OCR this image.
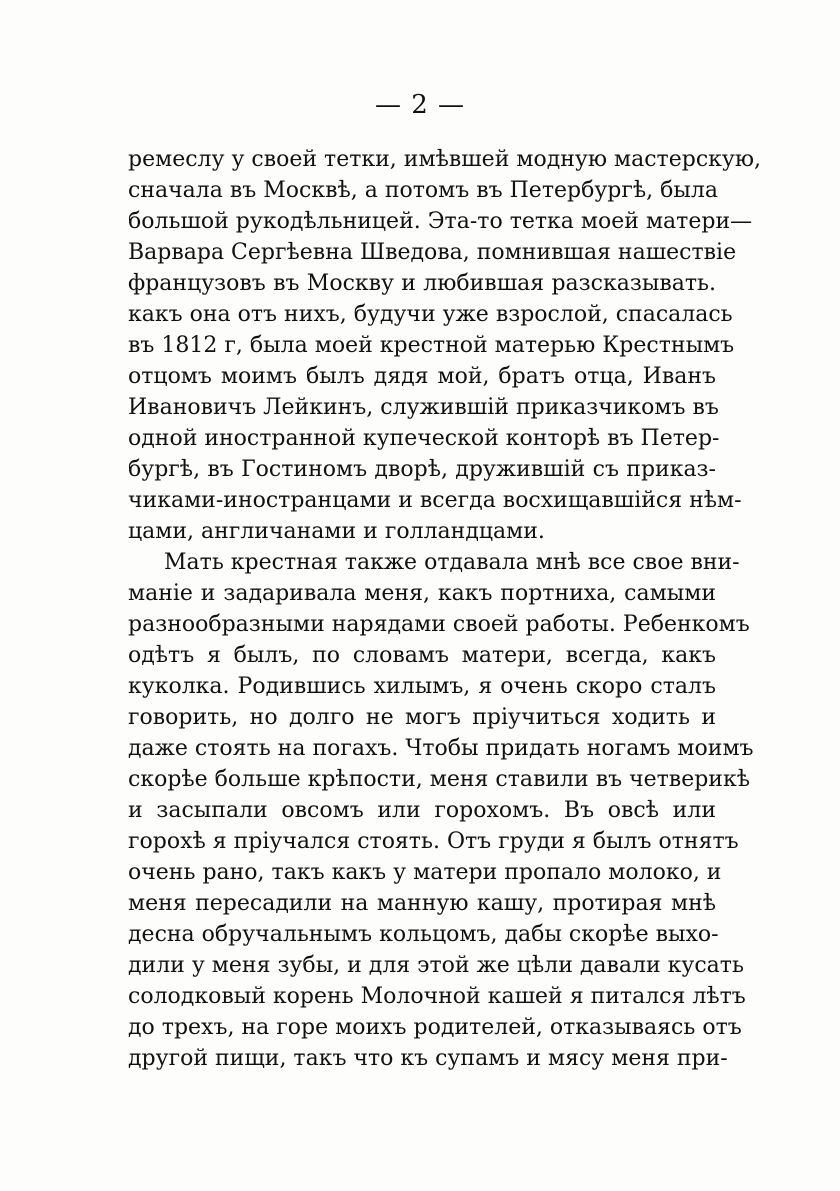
— 2 —
ремеслу у своей тетки, имѣвшей модную мастерскую,
сначала въ Москвѣ, а потомъ въ Петербургѣ, была
большой рукодѣльницей. Эта-то тетка моей матери—
Варвара Сергѣевна Шведова, помнившая нашествіе
французовъ въ Москву и любившая разсказывать.
какъ она отъ нихъ, будучи уже взрослой, спасалась
въ 1812 г, была моей крестной матерью Крестнымъ
отцомъ моимъ былъ дядя мой, братъ отца, Иванъ
Ивановичъ Лейкинъ, служившій приказчикомъ въ
одной иностранной купеческой конторѣ въ Петер-
бургѣ, въ Гостиномъ дворѣ, дружившій съ приказ-
чиками-иностранцами и всегда восхищавшійся нѣм-
цами, англичанами и голландцами.
Мать крестная также отдавала мнѣ все свое вни-
маніе и задаривала меня, какъ портниха, самыми
разнообразными нарядами своей работы. Ребенкомъ
одѣтъ я былъ, по словамъ матери, всегда, какъ
куколка. Родившись хилымъ, я очень скоро сталъ
говорить, но долго не могъ пріучиться ходить и
даже стоять на погахъ. Чтобы придать ногамъ моимъ
скорѣе больше крѣпости, меня ставили въ четверикѣ
и засыпали овсомъ или горохомъ. Въ овсѣ или
горохѣ я пріучался стоять. Отъ груди я былъ отнятъ
очень рано, такъ какъ у матери пропало молоко, и
меня пересадили на манную кашу, протирая мнѣ
десна обручальнымъ кольцомъ, дабы скорѣе выхо-
дили у меня зубы, и для этой же цѣли давали кусать
солодковый корень Молочной кашей я питался лѣтъ
до трехъ, на горе моихъ родителей, отказываясь отъ
другой пищи, такъ что къ супамъ и мясу меня при-
